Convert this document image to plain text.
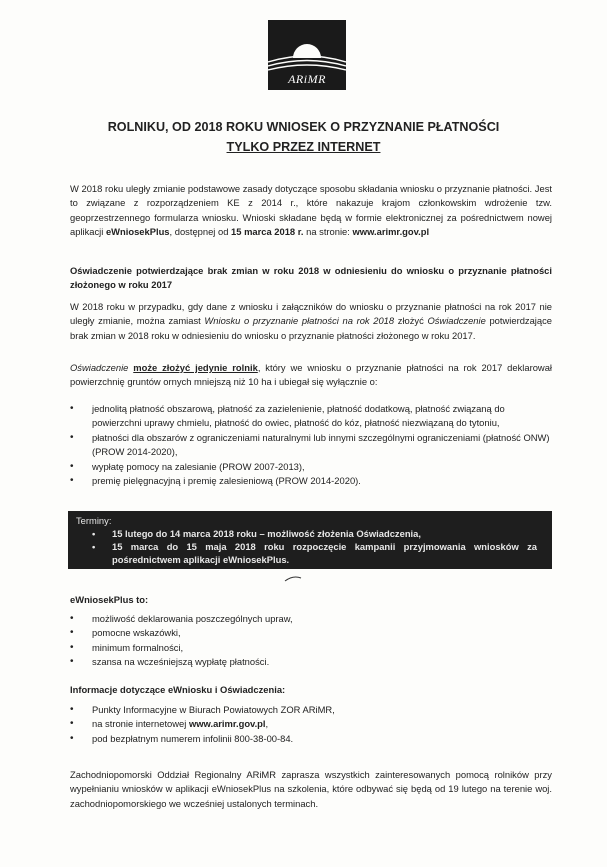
ARiMR
ROLNIKU, OD 2018 ROKU WNIOSEK O PRZYZNANIE PŁATNOŚCI
TYLKO PRZEZ INTERNET
W 2018 roku uległy zmianie podstawowe zasady dotyczące sposobu składania wniosku o przyznanie płatności. Jest to związane z rozporządzeniem KE z 2014 r., które nakazuje krajom członkowskim wdrożenie tzw. geoprzestrzennego formularza wniosku. Wnioski składane będą w formie elektronicznej za pośrednictwem nowej aplikacji eWniosekPlus, dostępnej od 15 marca 2018 r. na stronie: www.arimr.gov.pl
Oświadczenie potwierdzające brak zmian w roku 2018 w odniesieniu do wniosku o przyznanie płatności złożonego w roku 2017
W 2018 roku w przypadku, gdy dane z wniosku i załączników do wniosku o przyznanie płatności na rok 2017 nie uległy zmianie, można zamiast Wniosku o przyznanie płatności na rok 2018 złożyć Oświadczenie potwierdzające brak zmian w 2018 roku w odniesieniu do wniosku o przyznanie płatności złożonego w roku 2017.
Oświadczenie może złożyć jedynie rolnik, który we wniosku o przyznanie płatności na rok 2017 deklarował powierzchnię gruntów ornych mniejszą niż 10 ha i ubiegał się wyłącznie o:
• jednolitą płatność obszarową, płatność za zazielenienie, płatność dodatkową, płatność związaną do powierzchni uprawy chmielu, płatność do owiec, płatność do kóz, płatność niezwiązaną do tytoniu,
• płatności dla obszarów z ograniczeniami naturalnymi lub innymi szczególnymi ograniczeniami (płatność ONW) (PROW 2014-2020),
• wypłatę pomocy na zalesianie (PROW 2007-2013),
• premię pielęgnacyjną i premię zalesieniową (PROW 2014-2020).
Terminy:
• 15 lutego do 14 marca 2018 roku – możliwość złożenia Oświadczenia,
• 15 marca do 15 maja 2018 roku rozpoczęcie kampanii przyjmowania wniosków za pośrednictwem aplikacji eWniosekPlus.
eWniosekPlus to:
• możliwość deklarowania poszczególnych upraw,
• pomocne wskazówki,
• minimum formalności,
• szansa na wcześniejszą wypłatę płatności.
Informacje dotyczące eWniosku i Oświadczenia:
• Punkty Informacyjne w Biurach Powiatowych ZOR ARiMR,
• na stronie internetowej www.arimr.gov.pl,
• pod bezpłatnym numerem infolinii 800-38-00-84.
Zachodniopomorski Oddział Regionalny ARiMR zaprasza wszystkich zainteresowanych pomocą rolników przy wypełnianiu wniosków w aplikacji eWniosekPlus na szkolenia, które odbywać się będą od 19 lutego na terenie woj. zachodniopomorskiego we wcześniej ustalonych terminach.
